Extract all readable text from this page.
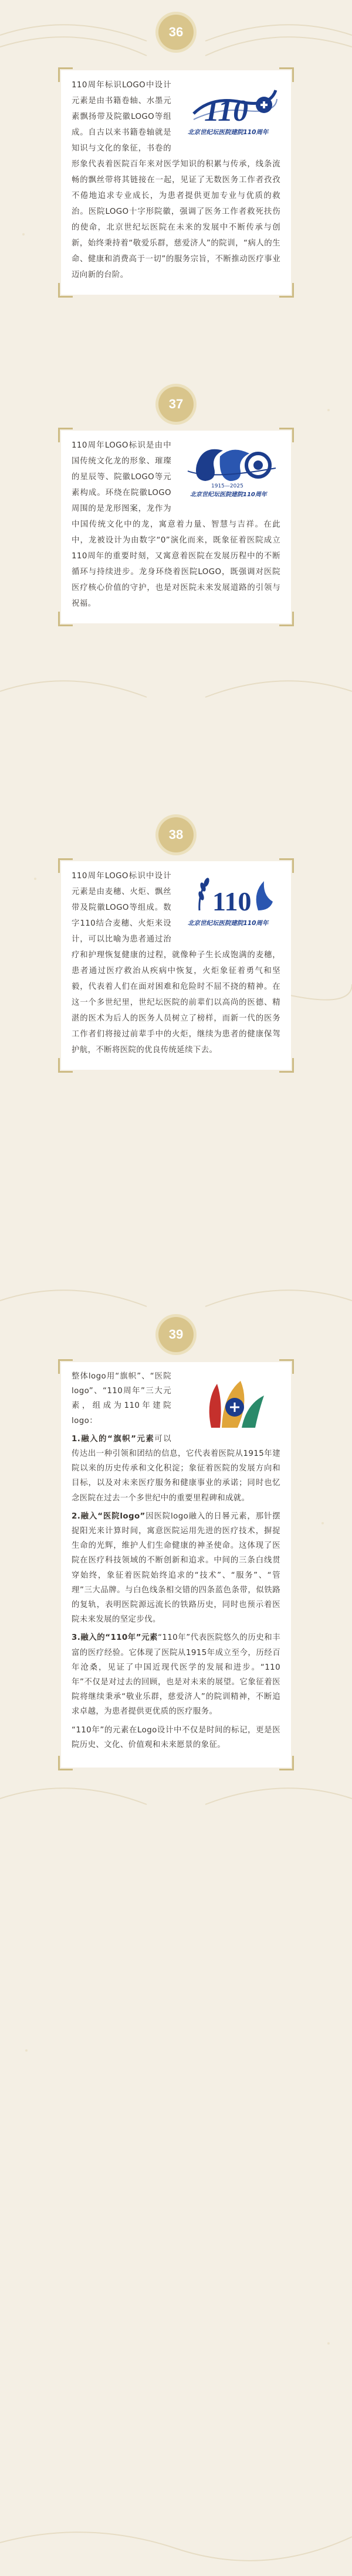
36
110
北京世纪坛医院建院110周年
110周年标识LOGO中设计元素是由书籍卷轴、水墨元素飘扬带及院徽LOGO等组成。自古以来书籍卷轴就是知识与文化的象征，书卷的形象代表着医院百年来对医学知识的积累与传承，线条流畅的飘丝带将其链接在一起，见证了无数医务工作者孜孜不倦地追求专业成长，为患者提供更加专业与优质的救治。医院LOGO十字形院徽，强调了医务工作者救死扶伤的使命，北京世纪坛医院在未来的发展中不断传承与创新，始终秉持着“敬爱乐群，慈爱济人”的院训，“病人的生命、健康和消费高于一切”的服务宗旨，不断推动医疗事业迈向新的台阶。
37
1915—2025
北京世纪坛医院建院110周年
110周年LOGO标识是由中国传统文化龙的形象、璀璨的星辰等、院徽LOGO等元素构成。环绕在院徽LOGO周围的是龙形图案，龙作为中国传统文化中的龙，寓意着力量、智慧与吉祥。在此中，龙被设计为由数字“0”演化而来，既象征着医院成立110周年的重要时刻，又寓意着医院在发展历程中的不断循环与持续进步。龙身环绕着医院LOGO，既强调对医院医疗核心价值的守护，也是对医院未来发展道路的引领与祝福。
38
110
北京世纪坛医院建院110周年
110周年LOGO标识中设计元素是由麦穗、火炬、飘丝带及院徽LOGO等组成。数字110结合麦穗、火炬来设计，可以比喻为患者通过治疗和护理恢复健康的过程，就像种子生长成饱满的麦穗，患者通过医疗救治从疾病中恢复，火炬象征着勇气和坚毅，代表着人们在面对困难和危险时不屈不挠的精神。在这一个多世纪里，世纪坛医院的前辈们以高尚的医德、精湛的医术为后人的医务人员树立了榜样，而新一代的医务工作者们将接过前辈手中的火炬，继续为患者的健康保驾护航，不断将医院的优良传统延续下去。
39

整体logo用“旗帜”、“医院logo”、“110周年”三大元素，组成为110年建院logo：

1.融入的“旗帜”元素可以传达出一种引领和团结的信息，它代表着医院从1915年建院以来的历史传承和文化积淀；象征着医院的发展方向和目标，以及对未来医疗服务和健康事业的承诺；同时也忆念医院在过去一个多世纪中的重要里程碑和成就。

2.融入“医院logo”因医院logo融入的日晷元素，那针摆捉阳光来计算时间，寓意医院运用先进的医疗技术，摒捉生命的光辉，维护人们生命健康的神圣使命。这体现了医院在医疗科技领域的不断创新和追求。中间的三条白线贯穿始终，象征着医院始终追求的“技术”、“服务”、“管理”三大品牌。与白色线条相交错的四条蓝色条带，似铁路的复轨，表明医院源远流长的铁路历史，同时也预示着医院未来发展的坚定步伐。

3.融入的“110年”元素“110年”代表医院悠久的历史和丰富的医疗经验。它体现了医院从1915年成立至今，历经百年沧桑，见证了中国近现代医学的发展和进步。“110年”不仅是对过去的回顾，也是对未来的展望。它象征着医院将继续秉承“敬业乐群，慈爱济人”的院训精神，不断追求卓越，为患者提供更优质的医疗服务。

“110年”的元素在Logo设计中不仅是时间的标记，更是医院历史、文化、价值观和未来愿景的象征。
